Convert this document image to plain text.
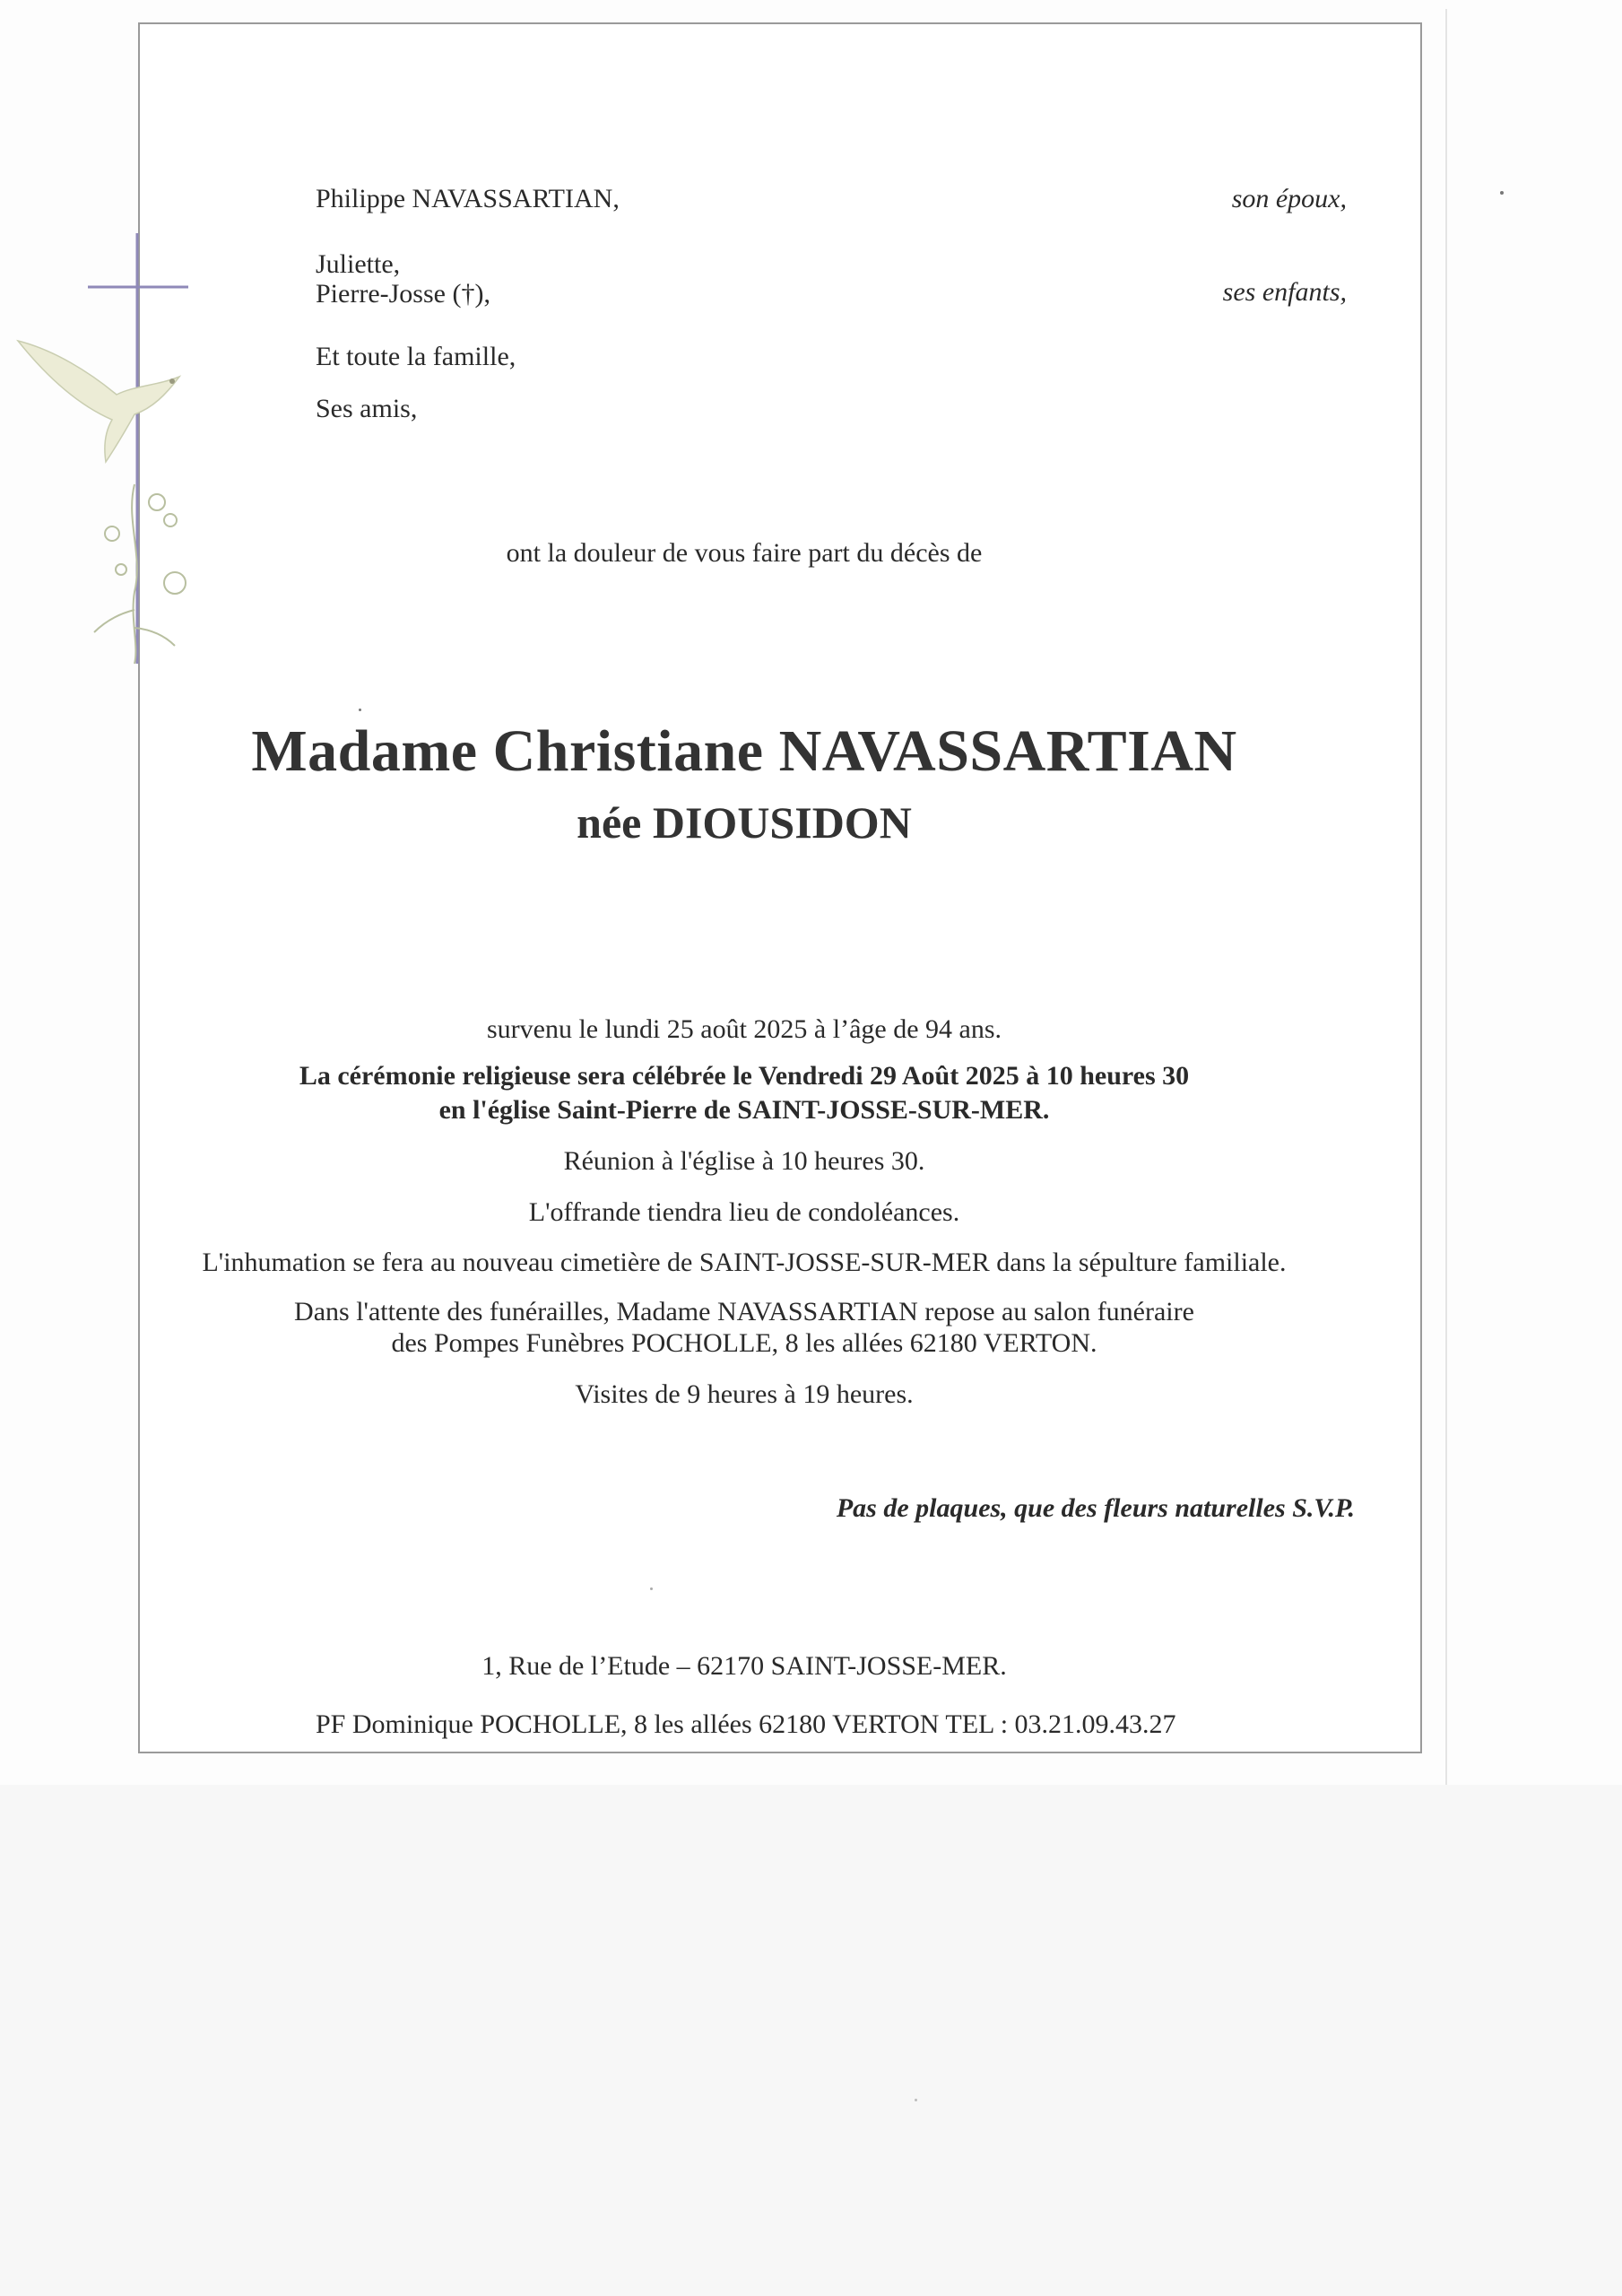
Philippe NAVASSARTIAN,	son époux,
Juliette,
Pierre-Josse (†),	ses enfants,
Et toute la famille,
Ses amis,
ont la douleur de vous faire part du décès de
Madame Christiane NAVASSARTIAN
née DIOUSIDON
survenu le lundi 25 août 2025 à l’âge de 94 ans.
La cérémonie religieuse sera célébrée le Vendredi 29 Août 2025 à 10 heures 30
en l'église Saint-Pierre de SAINT-JOSSE-SUR-MER.
Réunion à l'église à 10 heures 30.
L'offrande tiendra lieu de condoléances.
L'inhumation se fera au nouveau cimetière de SAINT-JOSSE-SUR-MER dans la sépulture familiale.
Dans l'attente des funérailles, Madame NAVASSARTIAN repose au salon funéraire
des Pompes Funèbres POCHOLLE, 8 les allées 62180 VERTON.
Visites de 9 heures à 19 heures.
Pas de plaques, que des fleurs naturelles S.V.P.
1, Rue de l’Etude – 62170 SAINT-JOSSE-MER.
PF Dominique POCHOLLE, 8 les allées 62180 VERTON TEL : 03.21.09.43.27
